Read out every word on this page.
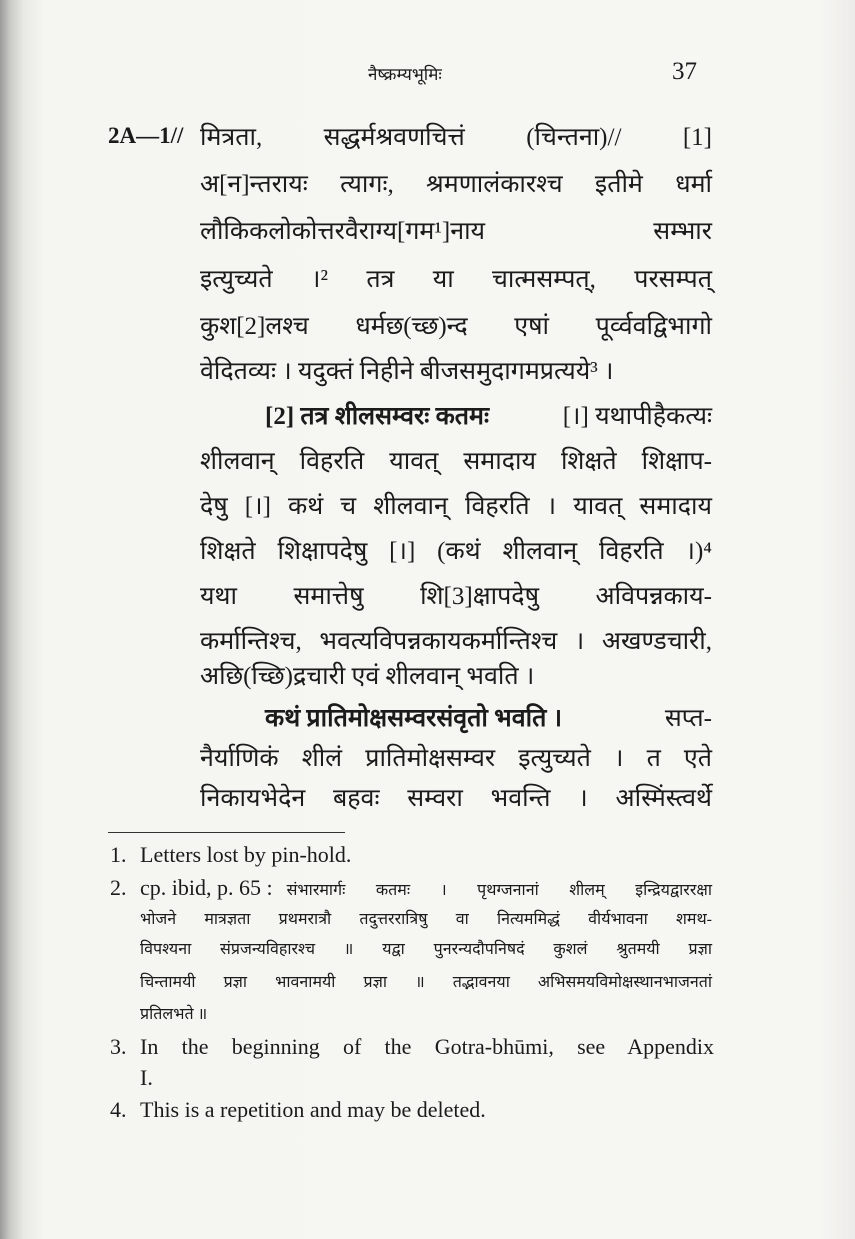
नैष्क्रम्यभूमिः	37
2A—1// मित्रता, सद्धर्मश्रवणचित्तं (चिन्तना)// [1]
अ[न]न्तरायः त्यागः, श्रमणालंकारश्च इतीमे धर्मा
लौकिकलोकोत्तरवैराग्य[गम¹]नाय सम्भार
इत्युच्यते ।² तत्र या चात्मसम्पत्, परसम्पत्
कुश[2]लश्च धर्मछ(च्छ)न्द एषां पूर्व्ववद्विभागो
वेदितव्यः । यदुक्तं निहीने बीजसमुदागमप्रत्यये³ ।
[2] तत्र शीलसम्वरः कतमः	[।] यथापीहैकत्यः
शीलवान् विहरति यावत् समादाय शिक्षते शिक्षाप-
देषु [।] कथं च शीलवान् विहरति । यावत् समादाय
शिक्षते शिक्षापदेषु [।] (कथं शीलवान् विहरति ।)⁴
यथा समात्तेषु शि[3]क्षापदेषु अविपन्नकाय-
कर्मान्तिश्च, भवत्यविपन्नकायकर्मान्तिश्च । अखण्डचारी,
अछि(च्छि)द्रचारी एवं शीलवान् भवति ।
कथं प्रातिमोक्षसम्वरसंवृतो भवति ।	सप्त-
नैर्याणिकं शीलं प्रातिमोक्षसम्वर इत्युच्यते । त एते
निकायभेदेन बहवः सम्वरा भवन्ति । अस्मिंस्त्वर्थे
1. Letters lost by pin-hold.
2. cp. ibid, p. 65 : संभारमार्गः कतमः । पृथग्जनानां शीलम् इन्द्रियद्वाररक्षा
भोजने मात्रज्ञता प्रथमरात्रौ तदुत्तररात्रिषु वा नित्यममिद्धं वीर्यभावना शमथ-
विपश्यना संप्रजन्यविहारश्च ॥ यद्वा पुनरन्यदौपनिषदं कुशलं श्रुतमयी प्रज्ञा
चिन्तामयी प्रज्ञा भावनामयी प्रज्ञा ॥ तद्भावनया अभिसमयविमोक्षस्थानभाजनतां
प्रतिलभते ॥
3. In the beginning of the Gotra-bhūmi, see Appendix
I.
4. This is a repetition and may be deleted.
